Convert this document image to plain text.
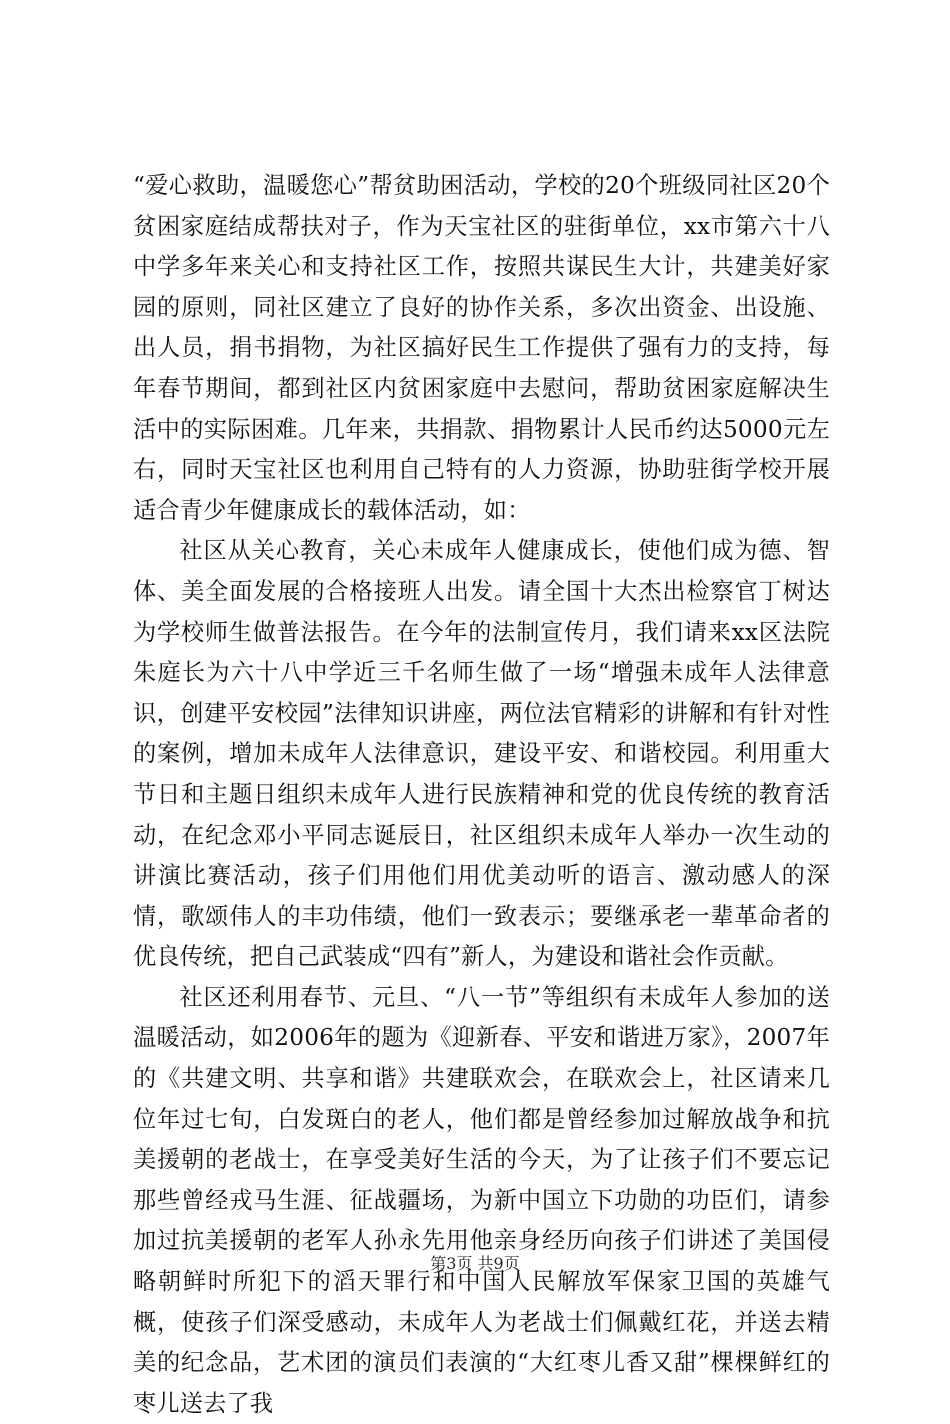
“爱心救助，温暖您心”帮贫助困活动，学校的20个班级同社区20个贫困家庭结成帮扶对子，作为天宝社区的驻街单位，xx市第六十八中学多年来关心和支持社区工作，按照共谋民生大计，共建美好家园的原则，同社区建立了良好的协作关系，多次出资金、出设施、出人员，捐书捐物，为社区搞好民生工作提供了强有力的支持，每年春节期间，都到社区内贫困家庭中去慰问，帮助贫困家庭解决生活中的实际困难。几年来，共捐款、捐物累计人民币约达5000元左右，同时天宝社区也利用自己特有的人力资源，协助驻街学校开展适合青少年健康成长的载体活动，如：

社区从关心教育，关心未成年人健康成长，使他们成为德、智体、美全面发展的合格接班人出发。请全国十大杰出检察官丁树达为学校师生做普法报告。在今年的法制宣传月，我们请来xx区法院朱庭长为六十八中学近三千名师生做了一场“增强未成年人法律意识，创建平安校园”法律知识讲座，两位法官精彩的讲解和有针对性的案例，增加未成年人法律意识，建设平安、和谐校园。利用重大节日和主题日组织未成年人进行民族精神和党的优良传统的教育活动，在纪念邓小平同志诞辰日，社区组织未成年人举办一次生动的讲演比赛活动，孩子们用他们用优美动听的语言、激动感人的深情，歌颂伟人的丰功伟绩，他们一致表示；要继承老一辈革命者的优良传统，把自己武装成“四有”新人，为建设和谐社会作贡献。

社区还利用春节、元旦、“八一节”等组织有未成年人参加的送温暖活动，如2006年的题为《迎新春、平安和谐进万家》，2007年的《共建文明、共享和谐》共建联欢会，在联欢会上，社区请来几位年过七旬，白发斑白的老人，他们都是曾经参加过解放战争和抗美援朝的老战士，在享受美好生活的今天，为了让孩子们不要忘记那些曾经戎马生涯、征战疆场，为新中国立下功勋的功臣们，请参加过抗美援朝的老军人孙永先用他亲身经历向孩子们讲述了美国侵略朝鲜时所犯下的滔天罪行和中国人民解放军保家卫国的英雄气概，使孩子们深受感动，未成年人为老战士们佩戴红花，并送去精美的纪念品，艺术团的演员们表演的“大红枣儿香又甜”棵棵鲜红的枣儿送去了我

第3页 共9页
